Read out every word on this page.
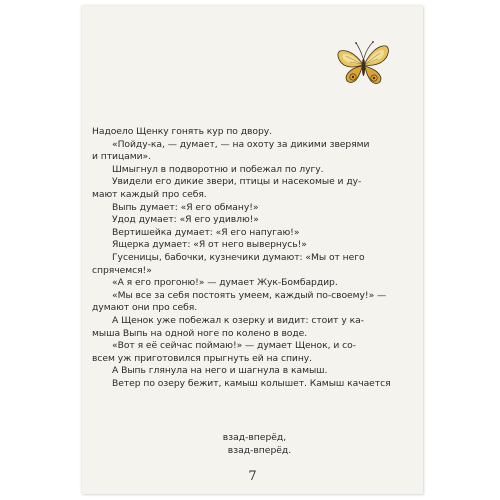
Надоело Щенку гонять кур по двору.
«Пойду-ка, — думает, — на охоту за дикими зверями
и птицами».
Шмыгнул в подворотню и побежал по лугу.
Увидели его дикие звери, птицы и насекомые и ду-
мают каждый про себя.
Выпь думает: «Я его обману!»
Удод думает: «Я его удивлю!»
Вертишейка думает: «Я его напугаю!»
Ящерка думает: «Я от него вывернусь!»
Гусеницы, бабочки, кузнечики думают: «Мы от него
спрячемся!»
«А я его прогоню!» — думает Жук-Бомбардир.
«Мы все за себя постоять умеем, каждый по-своему!» —
думают они про себя.
А Щенок уже побежал к озерку и видит: стоит у ка-
мыша Выпь на одной ноге по колено в воде.
«Вот я её сейчас поймаю!» — думает Щенок, и со-
всем уж приготовился прыгнуть ей на спину.
А Выпь глянула на него и шагнула в камыш.
Ветер по озеру бежит, камыш колышет. Камыш качается
взад-вперёд,
взад-вперёд.
7
